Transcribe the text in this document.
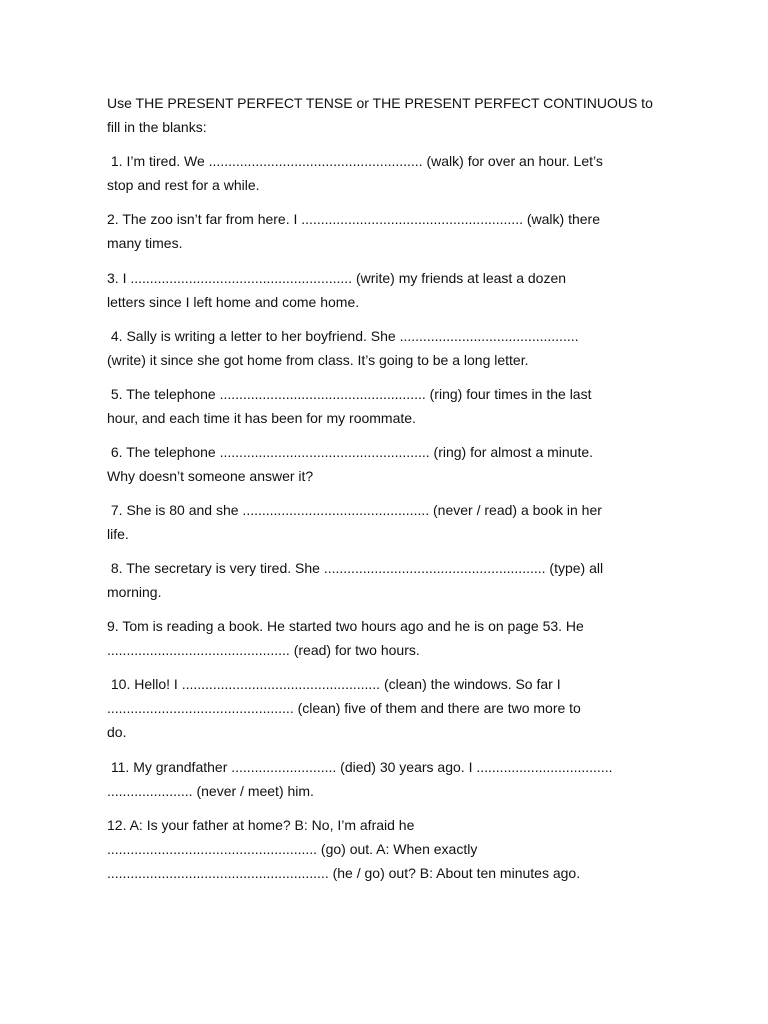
Use THE PRESENT PERFECT TENSE or THE PRESENT PERFECT CONTINUOUS to
fill in the blanks:
1. I’m tired. We ....................................................... (walk) for over an hour. Let’s
stop and rest for a while.
2. The zoo isn’t far from here. I ......................................................... (walk) there
many times.
3. I ......................................................... (write) my friends at least a dozen
letters since I left home and come home.
4. Sally is writing a letter to her boyfriend. She ..............................................
(write) it since she got home from class. It’s going to be a long letter.
5. The telephone ..................................................... (ring) four times in the last
hour, and each time it has been for my roommate.
6. The telephone ...................................................... (ring) for almost a minute.
Why doesn’t someone answer it?
7. She is 80 and she ................................................ (never / read) a book in her
life.
8. The secretary is very tired. She ......................................................... (type) all
morning.
9. Tom is reading a book. He started two hours ago and he is on page 53. He
............................................... (read) for two hours.
10. Hello! I ................................................... (clean) the windows. So far I
................................................ (clean) five of them and there are two more to
do.
11. My grandfather ........................... (died) 30 years ago. I ...................................
...................... (never / meet) him.
12. A: Is your father at home? B: No, I’m afraid he
...................................................... (go) out. A: When exactly
......................................................... (he / go) out? B: About ten minutes ago.
